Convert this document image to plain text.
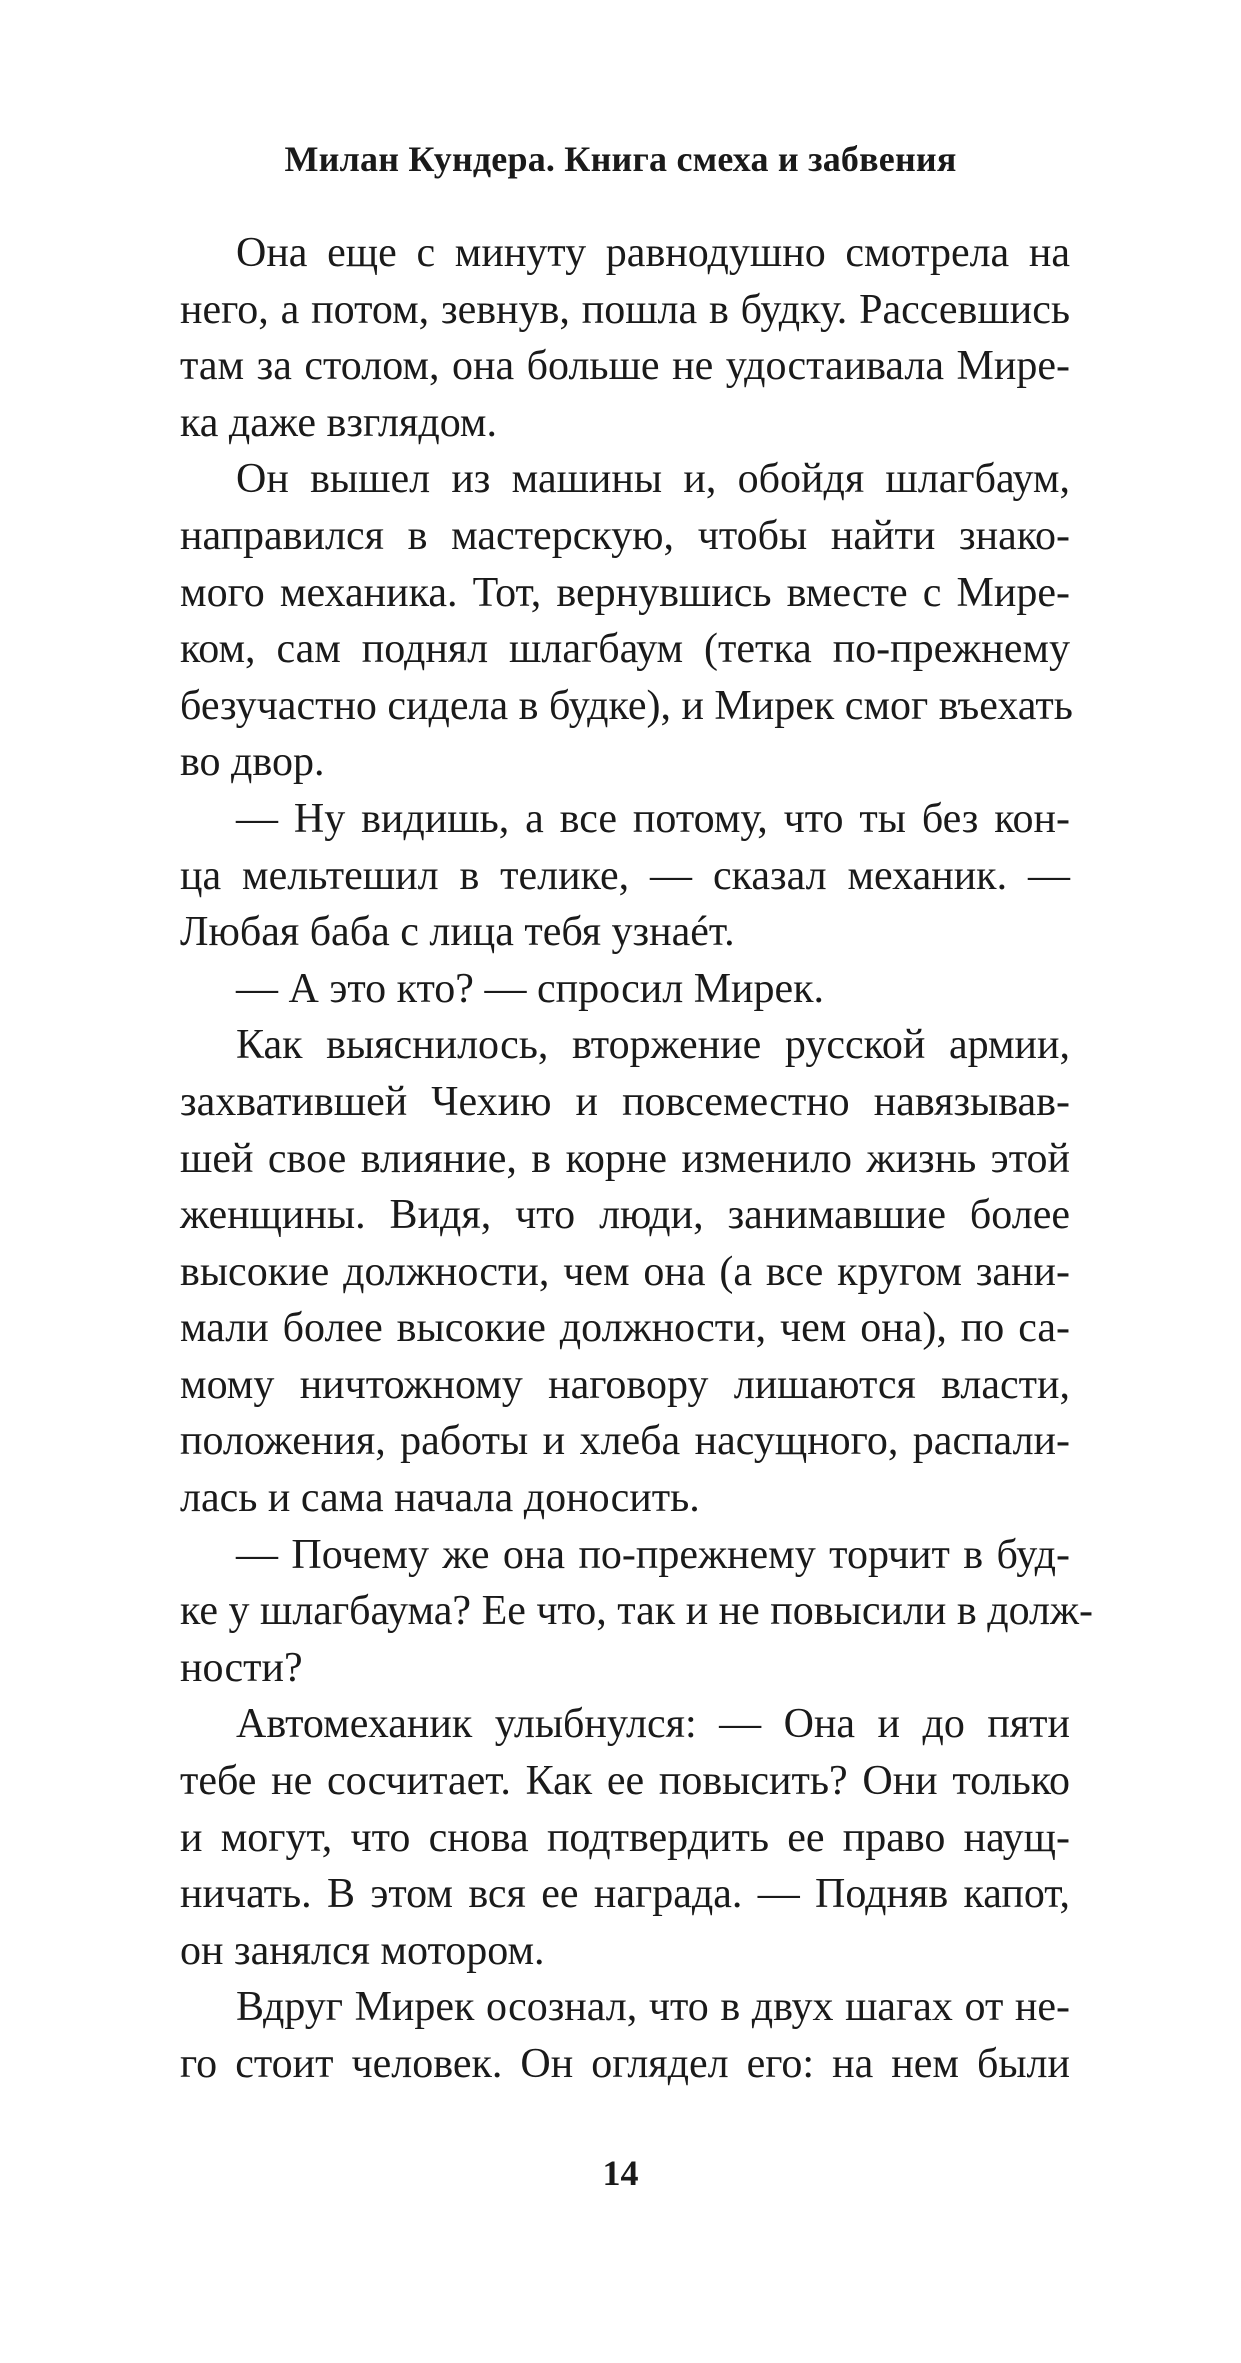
Милан Кундера. Книга смеха и забвения
Она еще с минуту равнодушно смотрела на
него, а потом, зевнув, пошла в будку. Рассевшись
там за столом, она больше не удостаивала Мире-
ка даже взглядом.
Он вышел из машины и, обойдя шлагбаум,
направился в мастерскую, чтобы найти знако-
мого механика. Тот, вернувшись вместе с Мире-
ком, сам поднял шлагбаум (тетка по-прежнему
безучастно сидела в будке), и Мирек смог въехать
во двор.
— Ну видишь, а все потому, что ты без кон-
ца мельтешил в телике, — сказал механик. —
Любая баба с лица тебя узнаéт.
— А это кто? — спросил Мирек.
Как выяснилось, вторжение русской армии,
захватившей Чехию и повсеместно навязывав-
шей свое влияние, в корне изменило жизнь этой
женщины. Видя, что люди, занимавшие более
высокие должности, чем она (а все кругом зани-
мали более высокие должности, чем она), по са-
мому ничтожному наговору лишаются власти,
положения, работы и хлеба насущного, распали-
лась и сама начала доносить.
— Почему же она по-прежнему торчит в буд-
ке у шлагбаума? Ее что, так и не повысили в долж-
ности?
Автомеханик улыбнулся: — Она и до пяти
тебе не сосчитает. Как ее повысить? Они только
и могут, что снова подтвердить ее право наущ-
ничать. В этом вся ее награда. — Подняв капот,
он занялся мотором.
Вдруг Мирек осознал, что в двух шагах от не-
го стоит человек. Он оглядел его: на нем были
14
